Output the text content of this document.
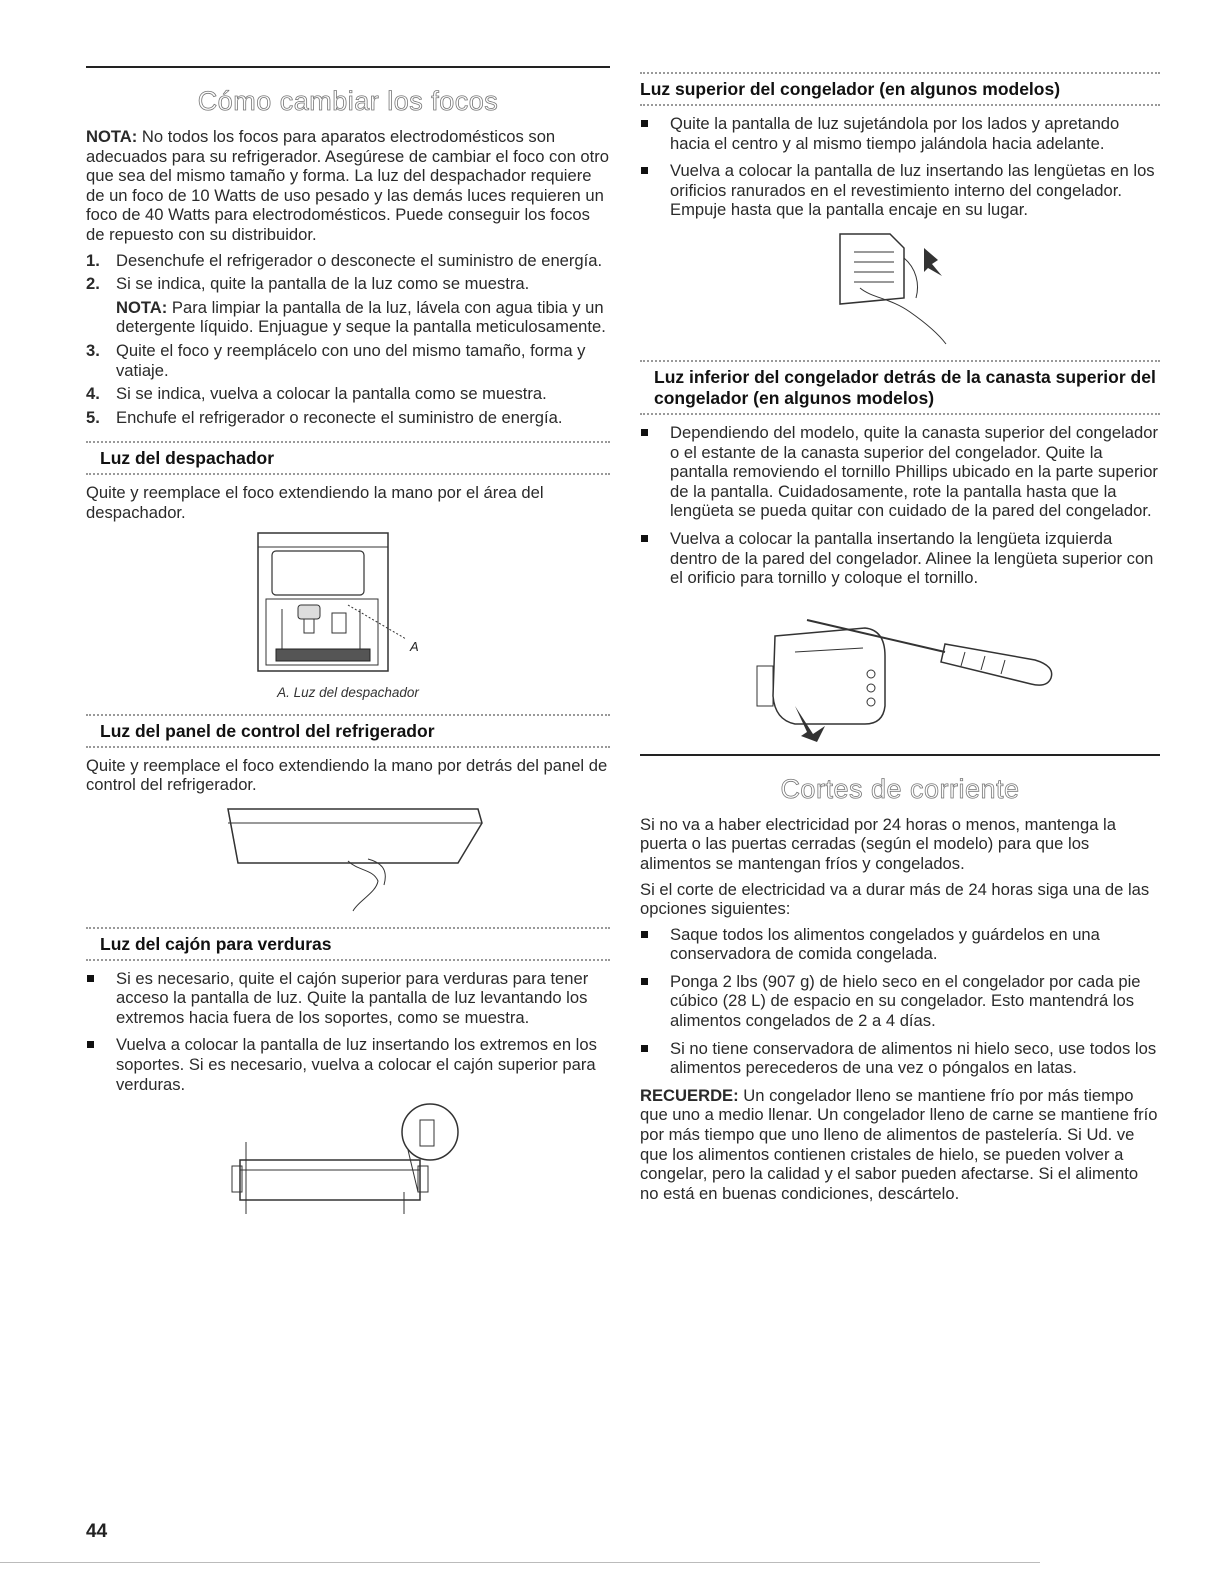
Cómo cambiar los focos

NOTA: No todos los focos para aparatos electrodomésticos son adecuados para su refrigerador. Asegúrese de cambiar el foco con otro que sea del mismo tamaño y forma. La luz del despachador requiere de un foco de 10 Watts de uso pesado y las demás luces requieren un foco de 40 Watts para electrodomésticos. Puede conseguir los focos de repuesto con su distribuidor.

1. Desenchufe el refrigerador o desconecte el suministro de energía.
2. Si se indica, quite la pantalla de la luz como se muestra.
NOTA: Para limpiar la pantalla de la luz, lávela con agua tibia y un detergente líquido. Enjuague y seque la pantalla meticulosamente.
3. Quite el foco y reemplácelo con uno del mismo tamaño, forma y vatiaje.
4. Si se indica, vuelva a colocar la pantalla como se muestra.
5. Enchufe el refrigerador o reconecte el suministro de energía.
Luz del despachador

Quite y reemplace el foco extendiendo la mano por el área del despachador.

A
A. Luz del despachador
Luz del panel de control del refrigerador

Quite y reemplace el foco extendiendo la mano por detrás del panel de control del refrigerador.

Luz del cajón para verduras
Si es necesario, quite el cajón superior para verduras para tener acceso la pantalla de luz. Quite la pantalla de luz levantando los extremos hacia fuera de los soportes, como se muestra.
Vuelva a colocar la pantalla de luz insertando los extremos en los soportes. Si es necesario, vuelva a colocar el cajón superior para verduras.
Luz superior del congelador (en algunos modelos)
Quite la pantalla de luz sujetándola por los lados y apretando hacia el centro y al mismo tiempo jalándola hacia adelante.
Vuelva a colocar la pantalla de luz insertando las lengüetas en los orificios ranurados en el revestimiento interno del congelador. Empuje hasta que la pantalla encaje en su lugar.
Luz inferior del congelador detrás de la canasta superior del congelador (en algunos modelos)
Dependiendo del modelo, quite la canasta superior del congelador o el estante de la canasta superior del congelador. Quite la pantalla removiendo el tornillo Phillips ubicado en la parte superior de la pantalla. Cuidadosamente, rote la pantalla hasta que la lengüeta se pueda quitar con cuidado de la pared del congelador.
Vuelva a colocar la pantalla insertando la lengüeta izquierda dentro de la pared del congelador. Alinee la lengüeta superior con el orificio para tornillo y coloque el tornillo.
Cortes de corriente

Si no va a haber electricidad por 24 horas o menos, mantenga la puerta o las puertas cerradas (según el modelo) para que los alimentos se mantengan fríos y congelados.

Si el corte de electricidad va a durar más de 24 horas siga una de las opciones siguientes:

Saque todos los alimentos congelados y guárdelos en una conservadora de comida congelada.
Ponga 2 lbs (907 g) de hielo seco en el congelador por cada pie cúbico (28 L) de espacio en su congelador. Esto mantendrá los alimentos congelados de 2 a 4 días.
Si no tiene conservadora de alimentos ni hielo seco, use todos los alimentos perecederos de una vez o póngalos en latas.

RECUERDE: Un congelador lleno se mantiene frío por más tiempo que uno a medio llenar. Un congelador lleno de carne se mantiene frío por más tiempo que uno lleno de alimentos de pastelería. Si Ud. ve que los alimentos contienen cristales de hielo, se pueden volver a congelar, pero la calidad y el sabor pueden afectarse. Si el alimento no está en buenas condiciones, descártelo.

44
